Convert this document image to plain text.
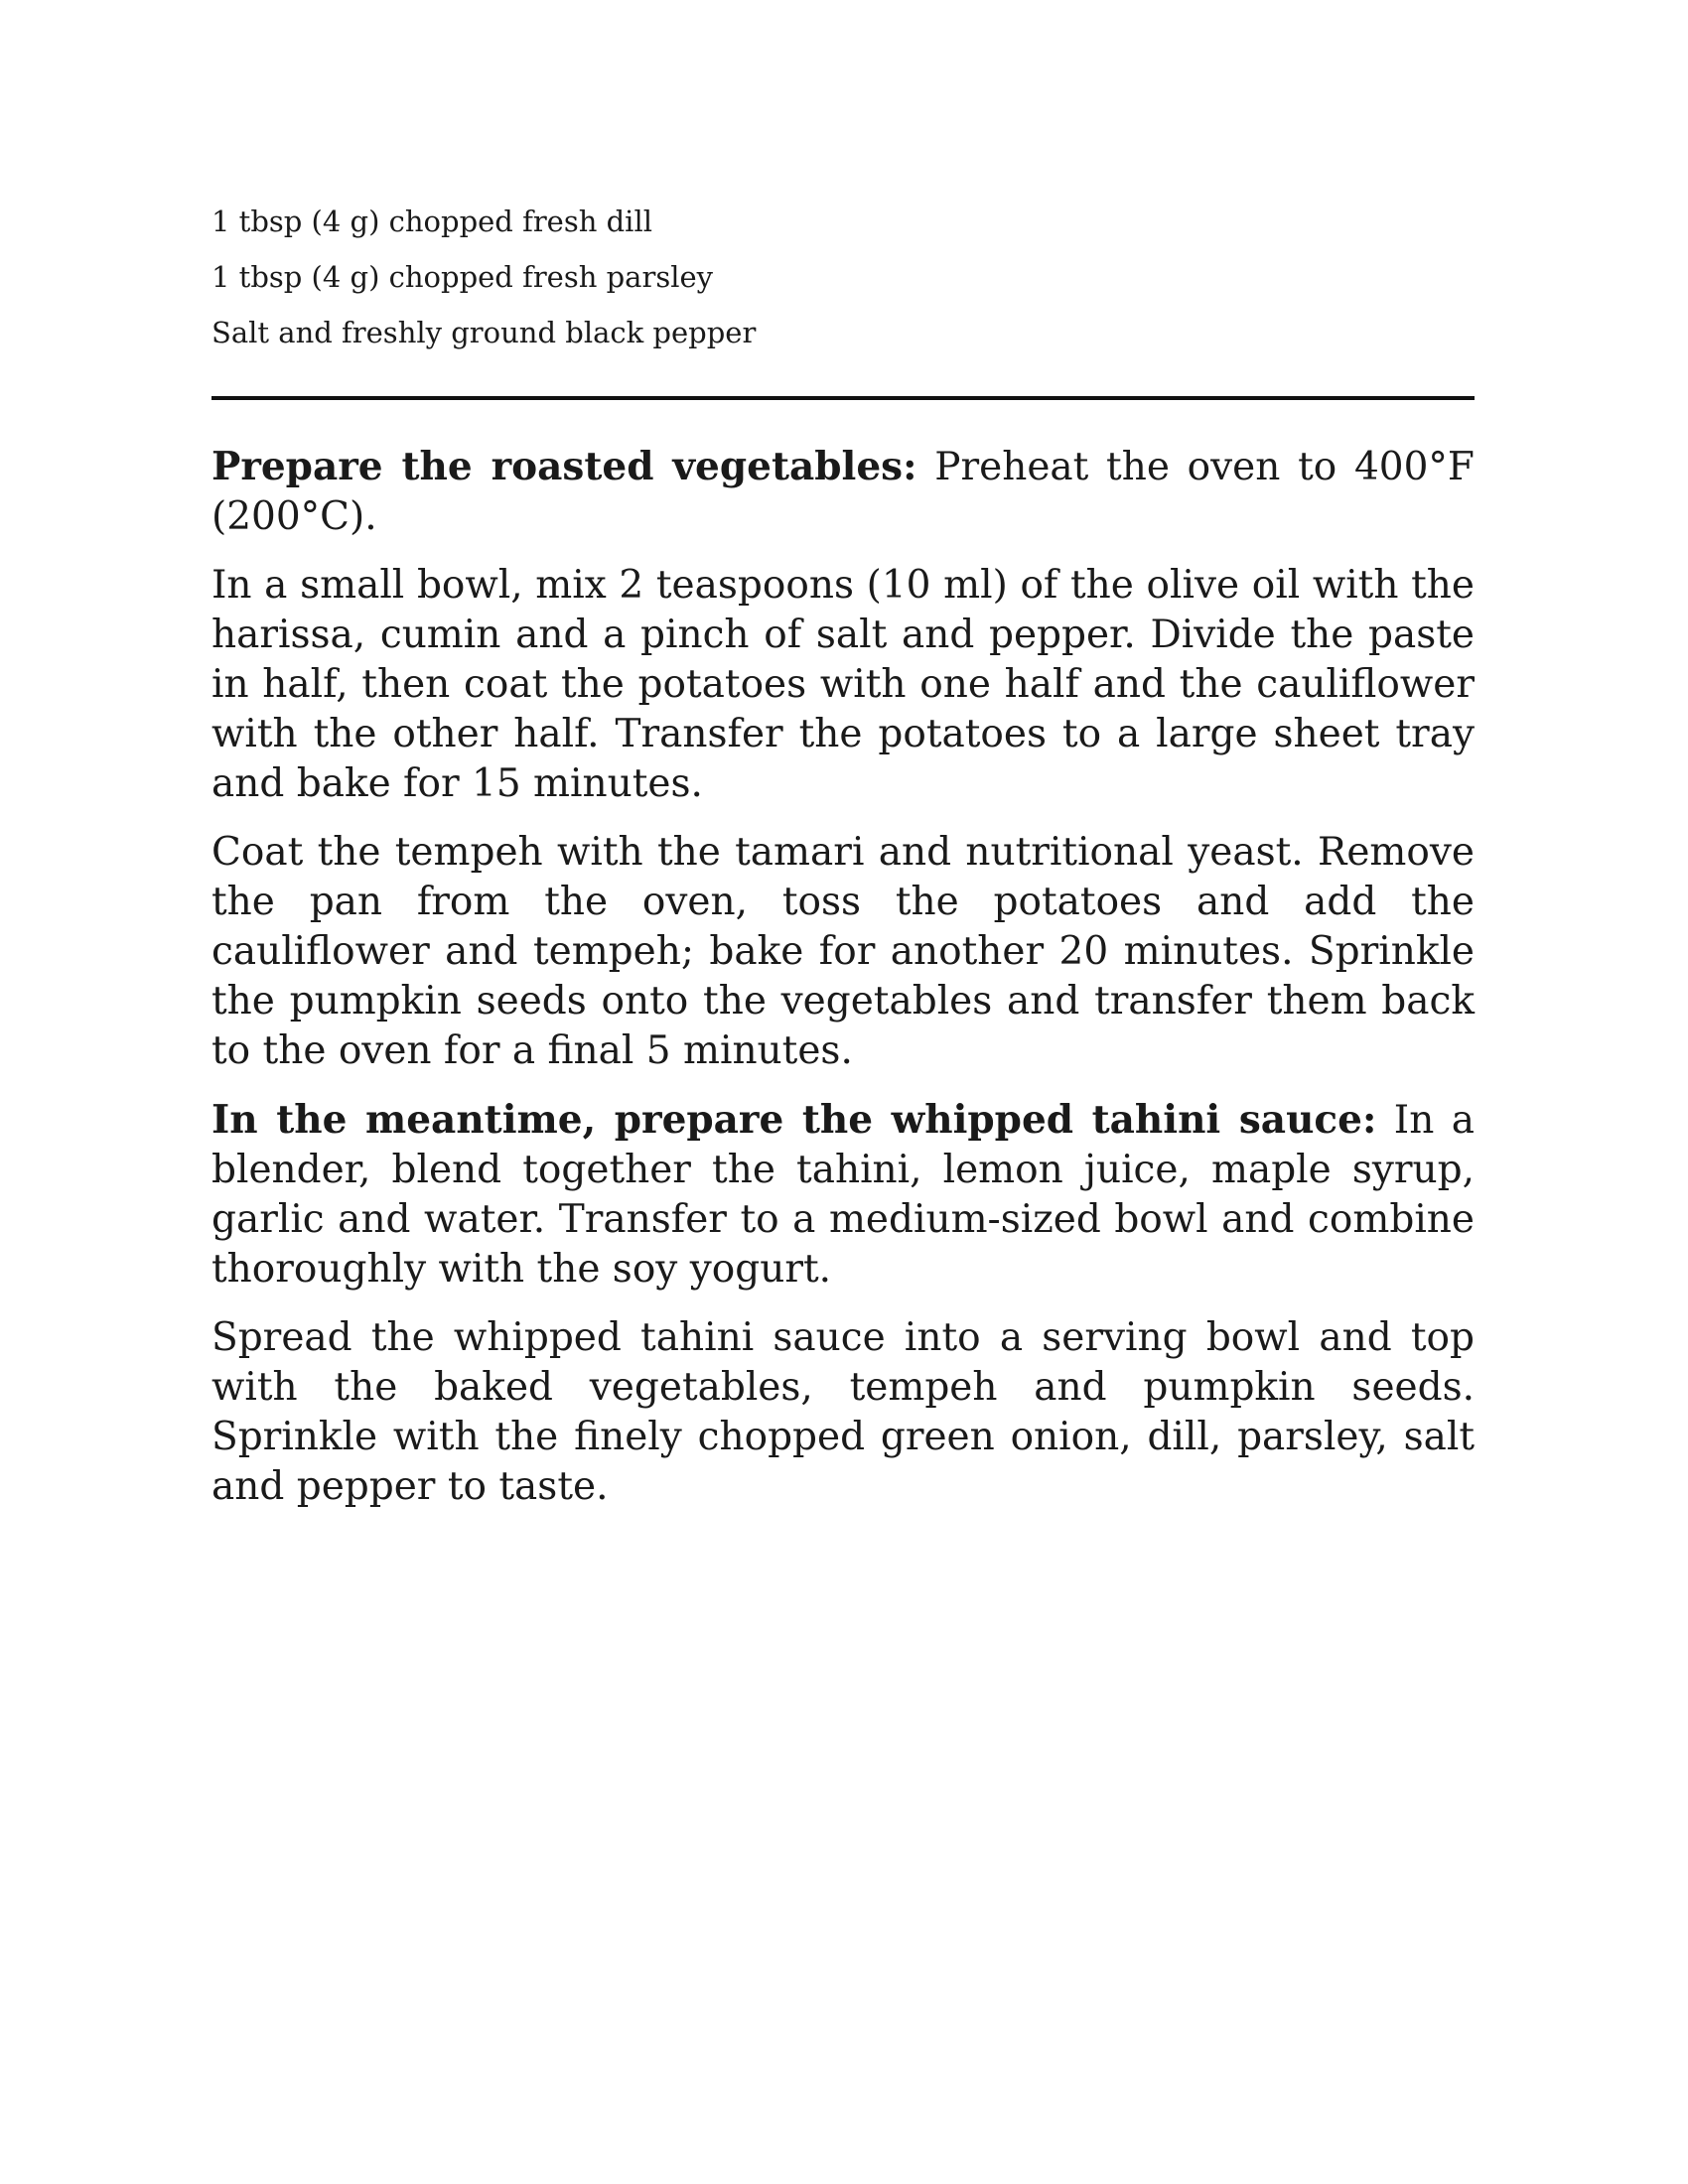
1 tbsp (4 g) chopped fresh dill
1 tbsp (4 g) chopped fresh parsley
Salt and freshly ground black pepper

Prepare the roasted vegetables: Preheat the oven to 400°F (200°C).

In a small bowl, mix 2 teaspoons (10 ml) of the olive oil with the harissa, cumin and a pinch of salt and pepper. Divide the paste in half, then coat the potatoes with one half and the cauliflower with the other half. Transfer the potatoes to a large sheet tray and bake for 15 minutes.

Coat the tempeh with the tamari and nutritional yeast. Remove the pan from the oven, toss the potatoes and add the cauliflower and tempeh; bake for another 20 minutes. Sprinkle the pumpkin seeds onto the vegetables and transfer them back to the oven for a final 5 minutes.

In the meantime, prepare the whipped tahini sauce: In a blender, blend together the tahini, lemon juice, maple syrup, garlic and water. Transfer to a medium-sized bowl and combine thoroughly with the soy yogurt.

Spread the whipped tahini sauce into a serving bowl and top with the baked vegetables, tempeh and pumpkin seeds. Sprinkle with the finely chopped green onion, dill, parsley, salt and pepper to taste.
